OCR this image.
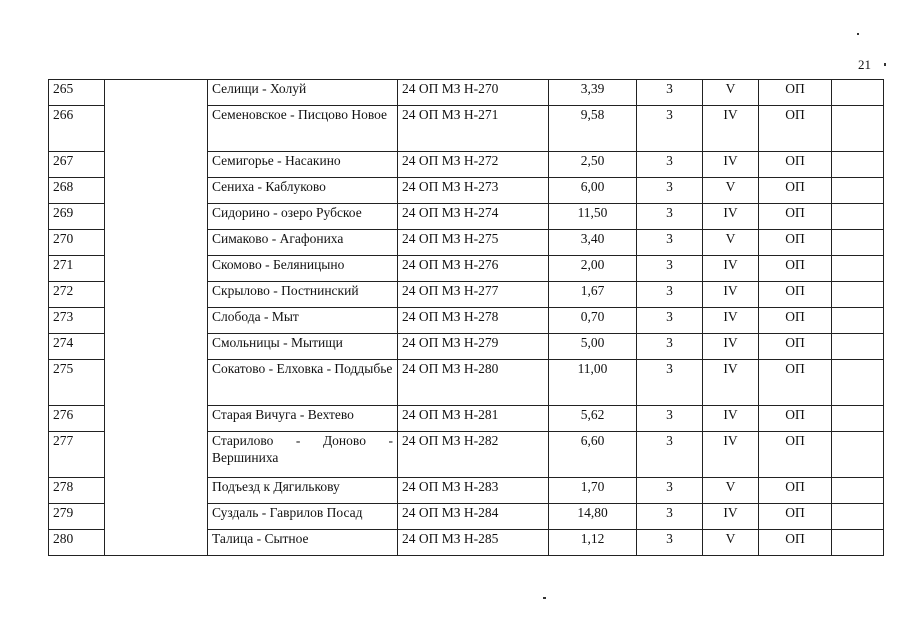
21
265		Селищи - Холуй	24 ОП МЗ Н-270	3,39	3	V	ОП	
266		Семеновское - Писцово Новое	24 ОП МЗ Н-271	9,58	3	IV	ОП	
267		Семигорье - Насакино	24 ОП МЗ Н-272	2,50	3	IV	ОП	
268		Сениха - Каблуково	24 ОП МЗ Н-273	6,00	3	V	ОП	
269		Сидорино - озеро Рубское	24 ОП МЗ Н-274	11,50	3	IV	ОП	
270		Симаково - Агафониха	24 ОП МЗ Н-275	3,40	3	V	ОП	
271		Скомово - Беляницыно	24 ОП МЗ Н-276	2,00	3	IV	ОП	
272		Скрылово - Постнинский	24 ОП МЗ Н-277	1,67	3	IV	ОП	
273		Слобода - Мыт	24 ОП МЗ Н-278	0,70	3	IV	ОП	
274		Смольницы - Мытищи	24 ОП МЗ Н-279	5,00	3	IV	ОП	
275		Сокатово - Елховка - Поддыбье	24 ОП МЗ Н-280	11,00	3	IV	ОП	
276		Старая Вичуга - Вехтево	24 ОП МЗ Н-281	5,62	3	IV	ОП	
277		Старилово - Доново - Вершиниха	24 ОП МЗ Н-282	6,60	3	IV	ОП	
278		Подъезд к Дягилькову	24 ОП МЗ Н-283	1,70	3	V	ОП	
279		Суздаль - Гаврилов Посад	24 ОП МЗ Н-284	14,80	3	IV	ОП	
280		Талица - Сытное	24 ОП МЗ Н-285	1,12	3	V	ОП	
